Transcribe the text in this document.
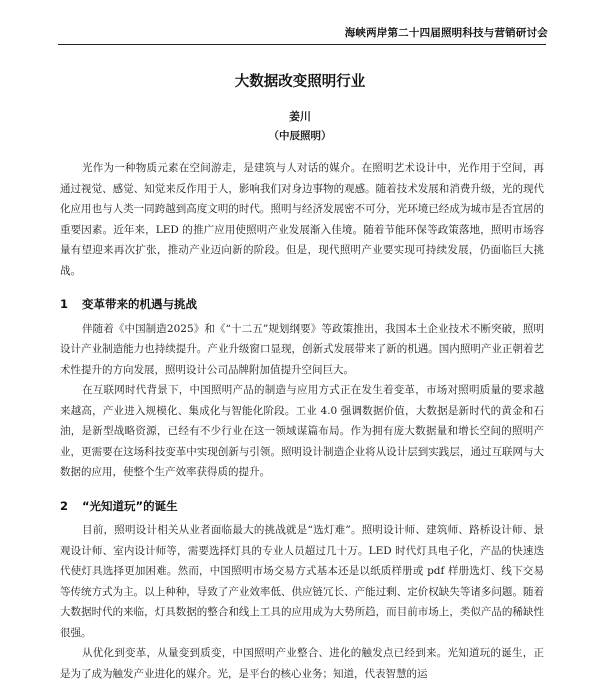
海峡两岸第二十四届照明科技与营销研讨会
大数据改变照明行业
姜川
（中辰照明）

光作为一种物质元素在空间游走，是建筑与人对话的媒介。在照明艺术设计中，光作用于空间，再通过视觉、感觉、知觉来反作用于人，影响我们对身边事物的观感。随着技术发展和消费升级，光的现代化应用也与人类一同跨越到高度文明的时代。照明与经济发展密不可分，光环境已经成为城市是否宜居的重要因素。近年来，LED 的推广应用使照明产业发展渐入佳境。随着节能环保等政策落地，照明市场容量有望迎来再次扩张，推动产业迈向新的阶段。但是，现代照明产业要实现可持续发展，仍面临巨大挑战。

1 变革带来的机遇与挑战

伴随着《中国制造2025》和《“十二五”规划纲要》等政策推出，我国本土企业技术不断突破，照明设计产业制造能力也持续提升。产业升级窗口显现，创新式发展带来了新的机遇。国内照明产业正朝着艺术性提升的方向发展，照明设计公司品牌附加值提升空间巨大。

在互联网时代背景下，中国照明产品的制造与应用方式正在发生着变革，市场对照明质量的要求越来越高，产业进入规模化、集成化与智能化阶段。工业 4.0 强调数据价值，大数据是新时代的黄金和石油，是新型战略资源，已经有不少行业在这一领域谋篇布局。作为拥有庞大数据量和增长空间的照明产业，更需要在这场科技变革中实现创新与引领。照明设计制造企业将从设计层到实践层，通过互联网与大数据的应用，使整个生产效率获得质的提升。

2 “光知道玩”的诞生

目前，照明设计相关从业者面临最大的挑战就是“选灯难”。照明设计师、建筑师、路桥设计师、景观设计师、室内设计师等，需要选择灯具的专业人员超过几十万。LED 时代灯具电子化，产品的快速迭代使灯具选择更加困难。然而，中国照明市场交易方式基本还是以纸质样册或 pdf 样册选灯、线下交易等传统方式为主。以上种种，导致了产业效率低、供应链冗长、产能过剩、定价权缺失等诸多问题。随着大数据时代的来临，灯具数据的整合和线上工具的应用成为大势所趋，而目前市场上，类似产品的稀缺性很强。

从优化到变革，从量变到质变，中国照明产业整合、进化的触发点已经到来。光知道玩的诞生，正是为了成为触发产业进化的媒介。光，是平台的核心业务；知道，代表智慧的运
